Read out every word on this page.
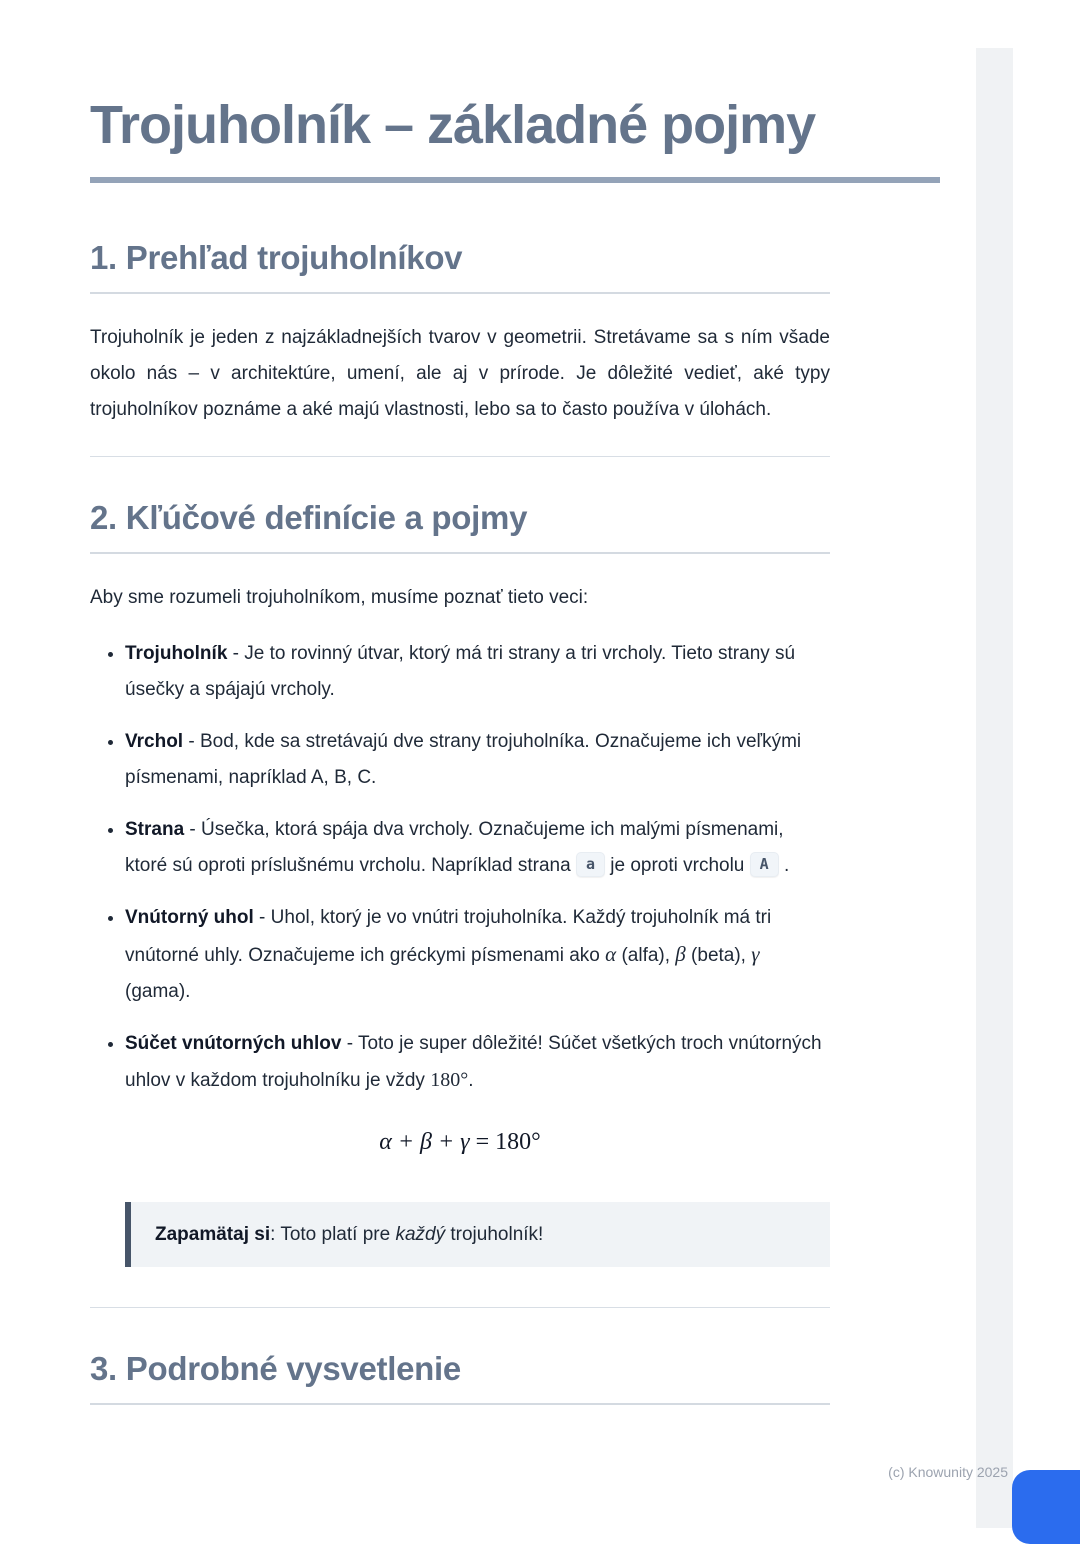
Trojuholník – základné pojmy
1. Prehľad trojuholníkov

Trojuholník je jeden z najzákladnejších tvarov v geometrii. Stretávame sa s ním všade okolo nás – v architektúre, umení, ale aj v prírode. Je dôležité vedieť, aké typy trojuholníkov poznáme a aké majú vlastnosti, lebo sa to často používa v úlohách.

2. Kľúčové definície a pojmy

Aby sme rozumeli trojuholníkom, musíme poznať tieto veci:

• Trojuholník - Je to rovinný útvar, ktorý má tri strany a tri vrcholy. Tieto strany sú úsečky a spájajú vrcholy.
• Vrchol - Bod, kde sa stretávajú dve strany trojuholníka. Označujeme ich veľkými písmenami, napríklad A, B, C.
• Strana - Úsečka, ktorá spája dva vrcholy. Označujeme ich malými písmenami, ktoré sú oproti príslušnému vrcholu. Napríklad strana a je oproti vrcholu A .
• Vnútorný uhol - Uhol, ktorý je vo vnútri trojuholníka. Každý trojuholník má tri vnútorné uhly. Označujeme ich gréckymi písmenami ako α (alfa), β (beta), γ (gama).
• Súčet vnútorných uhlov - Toto je super dôležité! Súčet všetkých troch vnútorných uhlov v každom trojuholníku je vždy 180°.
α + β + γ = 180°
Zapamätaj si: Toto platí pre každý trojuholník!
3. Podrobné vysvetlenie
(c) Knowunity 2025
